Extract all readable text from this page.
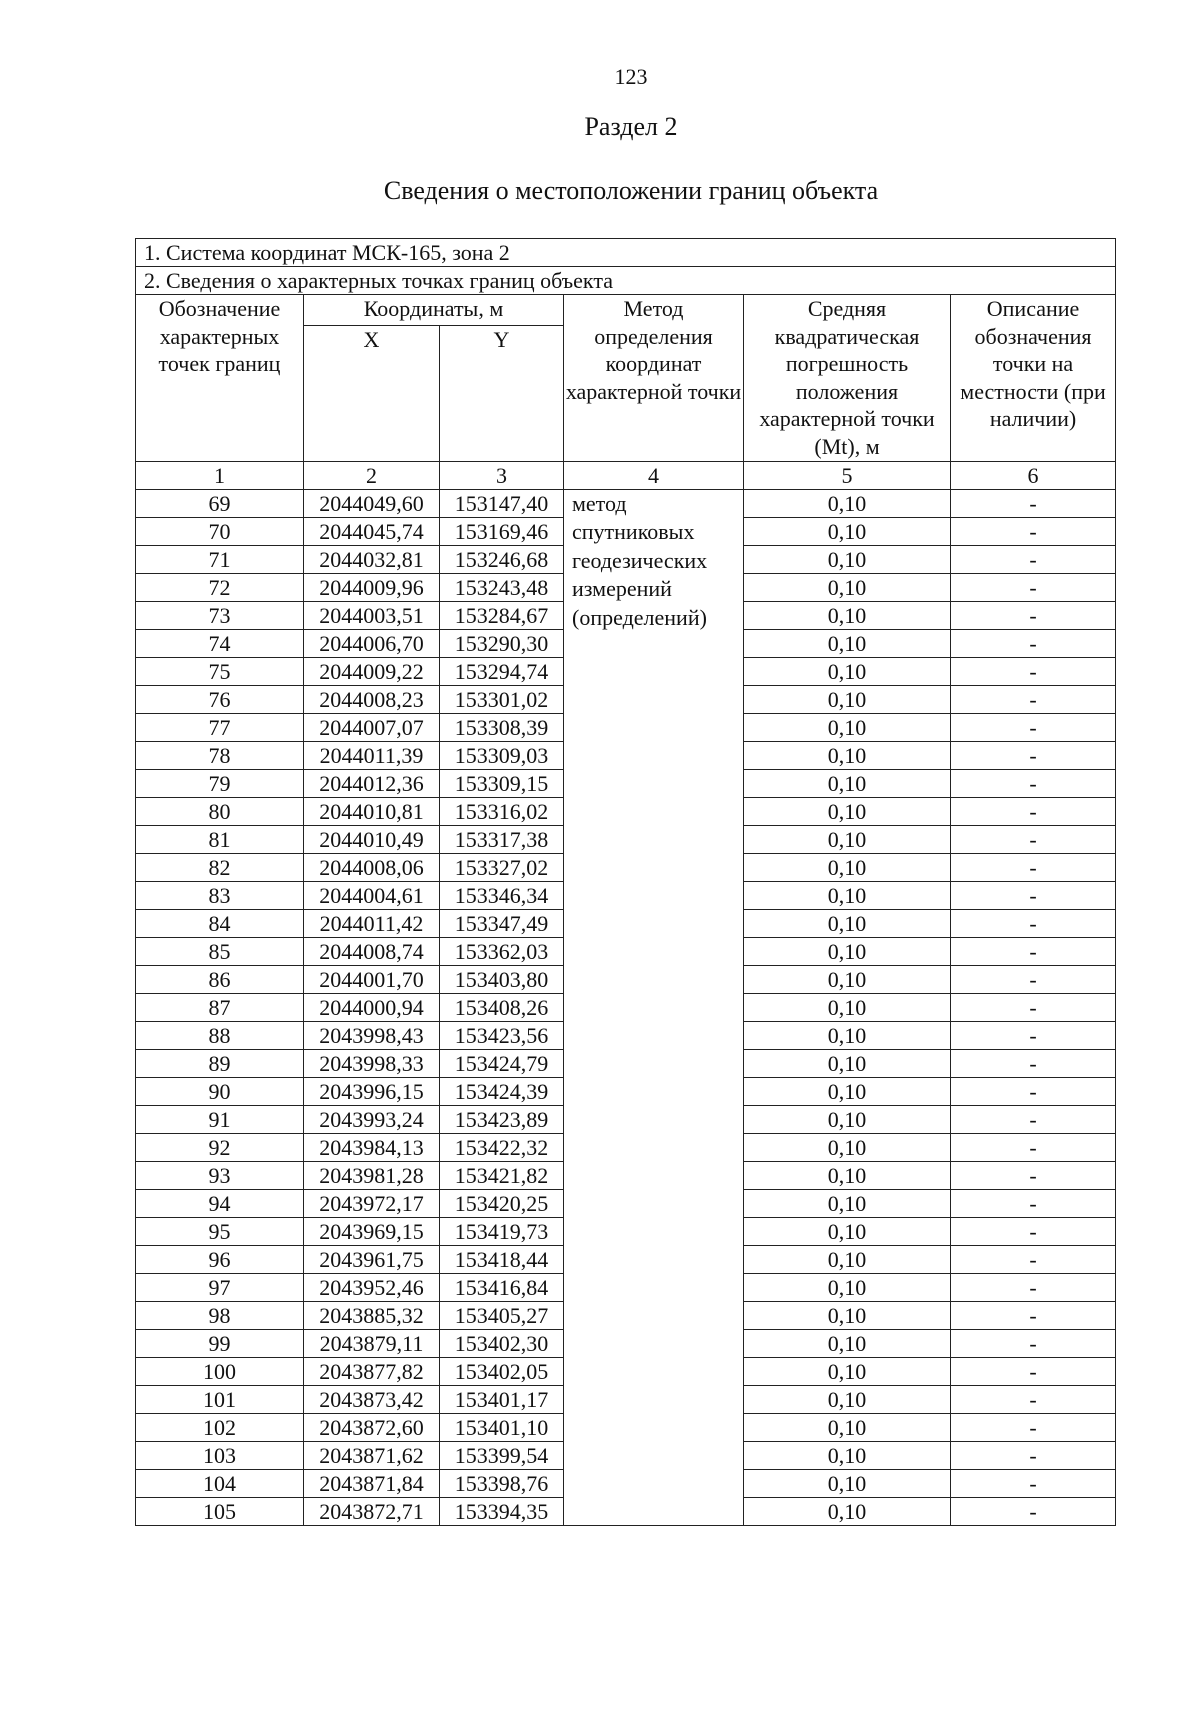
123
Раздел 2
Сведения о местоположении границ объекта
1. Система координат МСК-165, зона 2					
2. Сведения о характерных точках границ объекта					
Обозначение характерных точек границ	Координаты, м		Метод определения координат характерной точки	Средняя квадратическая погрешность положения характерной точки (Mt), м	Описание обозначения точки на местности (при наличии)
	X	Y			
1	2	3	4	5	6
69	2044049,60	153147,40	метод
спутниковых
геодезических
измерений
(определений)	0,10	-
70	2044045,74	153169,46		0,10	-
71	2044032,81	153246,68		0,10	-
72	2044009,96	153243,48		0,10	-
73	2044003,51	153284,67		0,10	-
74	2044006,70	153290,30		0,10	-
75	2044009,22	153294,74		0,10	-
76	2044008,23	153301,02		0,10	-
77	2044007,07	153308,39		0,10	-
78	2044011,39	153309,03		0,10	-
79	2044012,36	153309,15		0,10	-
80	2044010,81	153316,02		0,10	-
81	2044010,49	153317,38		0,10	-
82	2044008,06	153327,02		0,10	-
83	2044004,61	153346,34		0,10	-
84	2044011,42	153347,49		0,10	-
85	2044008,74	153362,03		0,10	-
86	2044001,70	153403,80		0,10	-
87	2044000,94	153408,26		0,10	-
88	2043998,43	153423,56		0,10	-
89	2043998,33	153424,79		0,10	-
90	2043996,15	153424,39		0,10	-
91	2043993,24	153423,89		0,10	-
92	2043984,13	153422,32		0,10	-
93	2043981,28	153421,82		0,10	-
94	2043972,17	153420,25		0,10	-
95	2043969,15	153419,73		0,10	-
96	2043961,75	153418,44		0,10	-
97	2043952,46	153416,84		0,10	-
98	2043885,32	153405,27		0,10	-
99	2043879,11	153402,30		0,10	-
100	2043877,82	153402,05		0,10	-
101	2043873,42	153401,17		0,10	-
102	2043872,60	153401,10		0,10	-
103	2043871,62	153399,54		0,10	-
104	2043871,84	153398,76		0,10	-
105	2043872,71	153394,35		0,10	-
